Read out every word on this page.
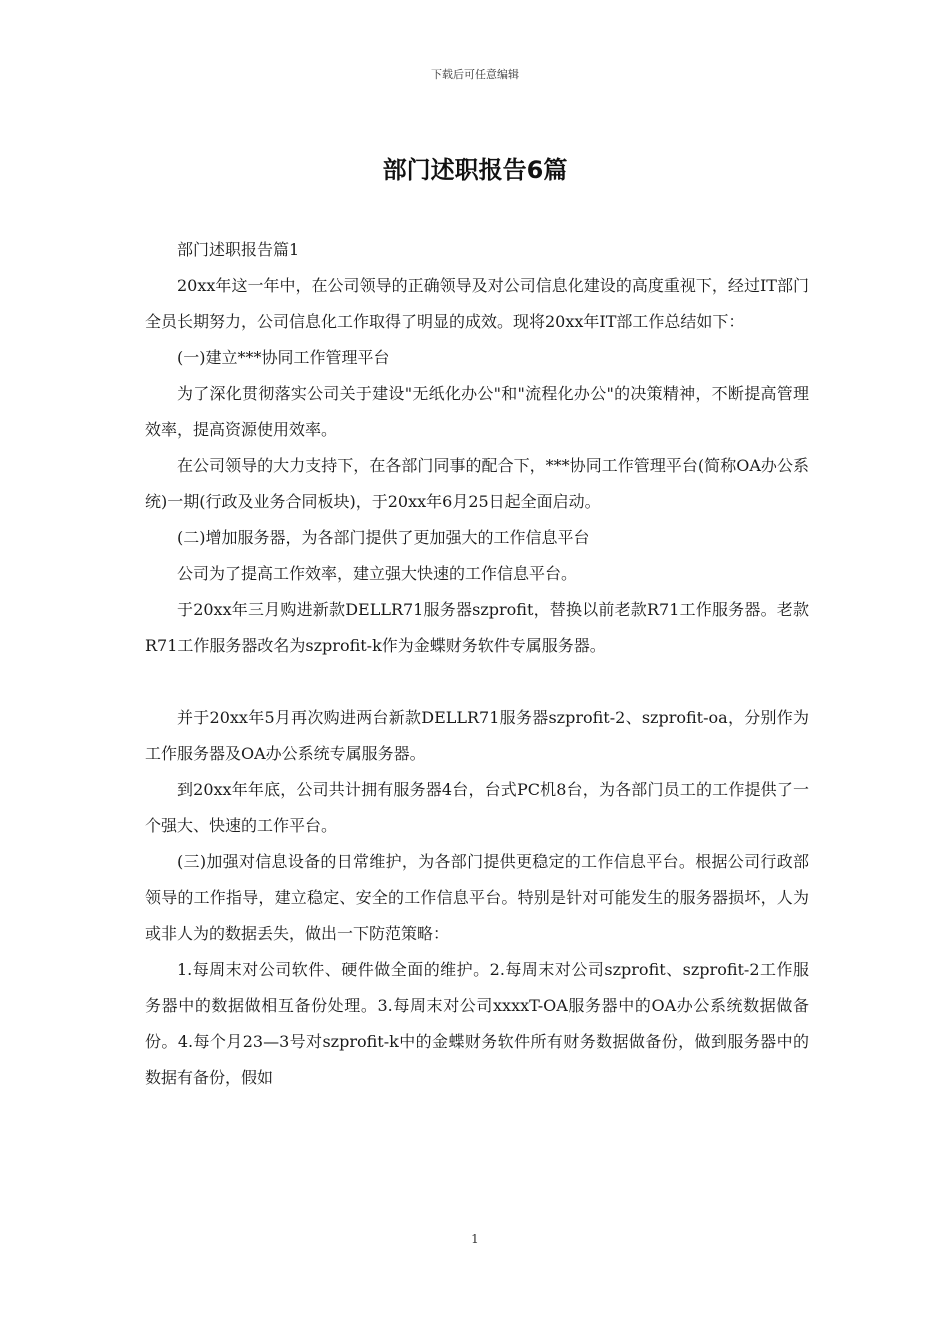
下载后可任意编辑
部门述职报告6篇

部门述职报告篇1

20xx年这一年中，在公司领导的正确领导及对公司信息化建设的高度重视下，经过IT部门全员长期努力，公司信息化工作取得了明显的成效。现将20xx年IT部工作总结如下：

(一)建立***协同工作管理平台

为了深化贯彻落实公司关于建设"无纸化办公"和"流程化办公"的决策精神，不断提高管理效率，提高资源使用效率。

在公司领导的大力支持下，在各部门同事的配合下，***协同工作管理平台(简称OA办公系统)一期(行政及业务合同板块)，于20xx年6月25日起全面启动。

(二)增加服务器，为各部门提供了更加强大的工作信息平台

公司为了提高工作效率，建立强大快速的工作信息平台。

于20xx年三月购进新款DELLR71服务器szprofit，替换以前老款R71工作服务器。老款R71工作服务器改名为szprofit-k作为金蝶财务软件专属服务器。

并于20xx年5月再次购进两台新款DELLR71服务器szprofit-2、szprofit-oa，分别作为工作服务器及OA办公系统专属服务器。

到20xx年年底，公司共计拥有服务器4台，台式PC机8台，为各部门员工的工作提供了一个强大、快速的工作平台。

(三)加强对信息设备的日常维护，为各部门提供更稳定的工作信息平台。根据公司行政部领导的工作指导，建立稳定、安全的工作信息平台。特别是针对可能发生的服务器损坏，人为或非人为的数据丢失，做出一下防范策略：

1.每周末对公司软件、硬件做全面的维护。2.每周末对公司szprofit、szprofit-2工作服务器中的数据做相互备份处理。3.每周末对公司xxxxT-OA服务器中的OA办公系统数据做备份。4.每个月23—3号对szprofit-k中的金蝶财务软件所有财务数据做备份，做到服务器中的数据有备份，假如

1
